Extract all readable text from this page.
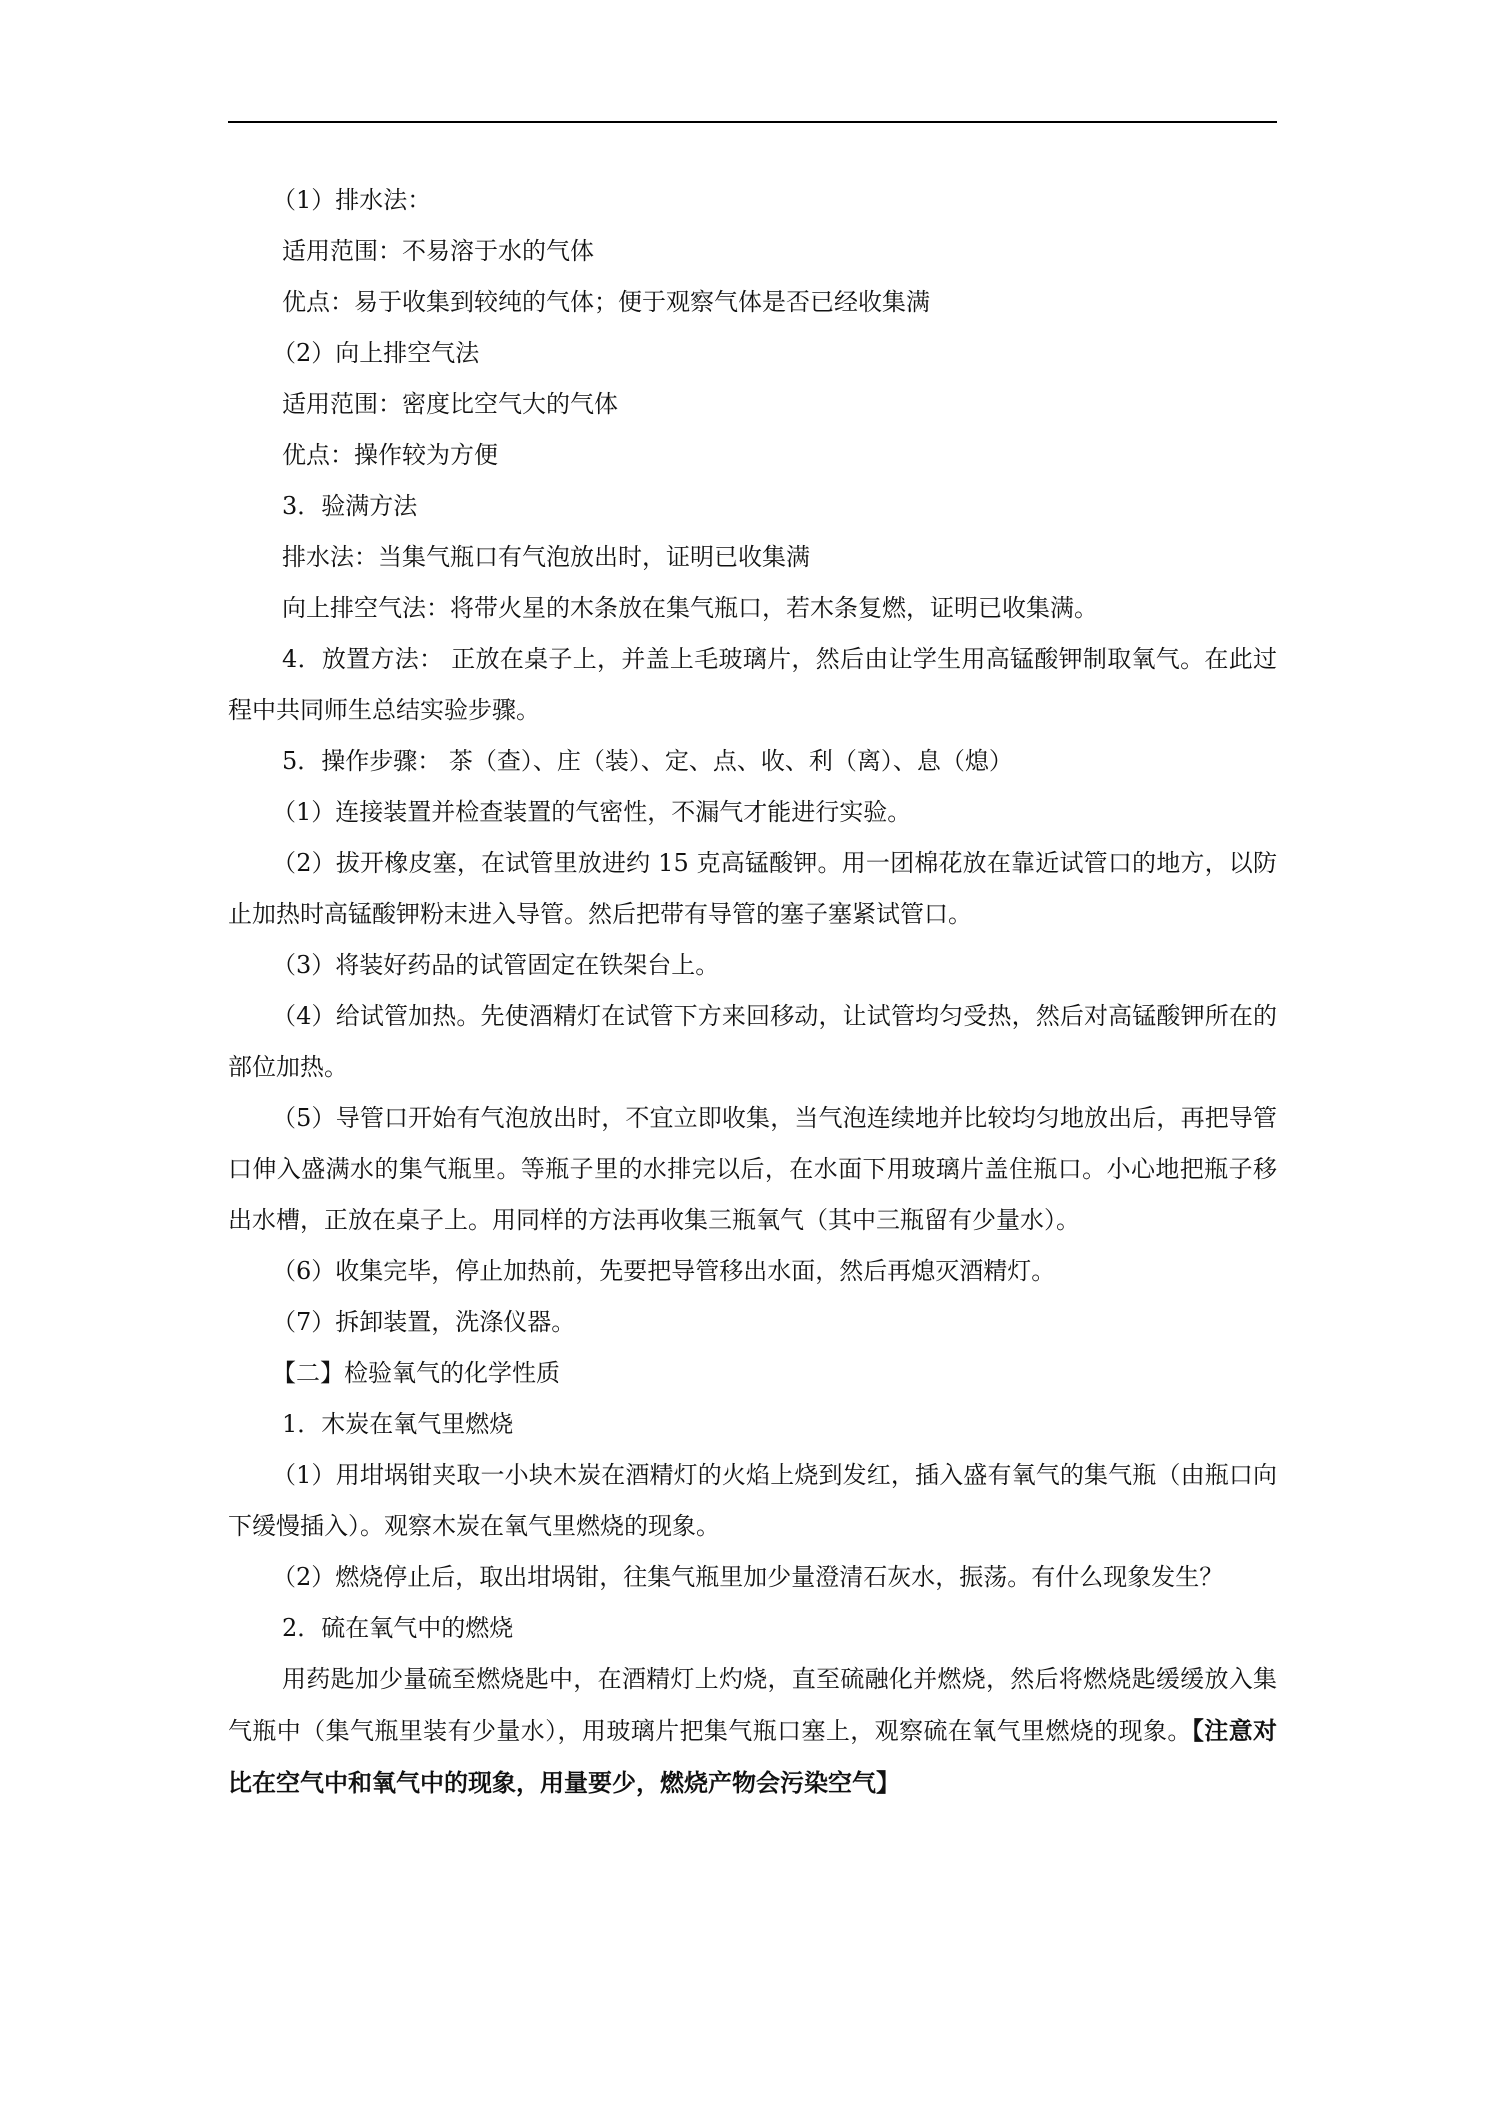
（1）排水法：

适用范围：不易溶于水的气体

优点：易于收集到较纯的气体；便于观察气体是否已经收集满

（2）向上排空气法

适用范围：密度比空气大的气体

优点：操作较为方便

3．验满方法

排水法：当集气瓶口有气泡放出时，证明已收集满

向上排空气法：将带火星的木条放在集气瓶口，若木条复燃，证明已收集满。

4．放置方法： 正放在桌子上，并盖上毛玻璃片，然后由让学生用高锰酸钾制取氧气。在此过程中共同师生总结实验步骤。

5．操作步骤： 茶（查）、庄（装）、定、点、收、利（离）、息（熄）

（1）连接装置并检查装置的气密性，不漏气才能进行实验。

（2）拔开橡皮塞，在试管里放进约 15 克高锰酸钾。用一团棉花放在靠近试管口的地方，以防止加热时高锰酸钾粉末进入导管。然后把带有导管的塞子塞紧试管口。

（3）将装好药品的试管固定在铁架台上。

（4）给试管加热。先使酒精灯在试管下方来回移动，让试管均匀受热，然后对高锰酸钾所在的部位加热。

（5）导管口开始有气泡放出时，不宜立即收集，当气泡连续地并比较均匀地放出后，再把导管口伸入盛满水的集气瓶里。等瓶子里的水排完以后，在水面下用玻璃片盖住瓶口。小心地把瓶子移出水槽，正放在桌子上。用同样的方法再收集三瓶氧气（其中三瓶留有少量水）。

（6）收集完毕，停止加热前，先要把导管移出水面，然后再熄灭酒精灯。

（7）拆卸装置，洗涤仪器。

【二】检验氧气的化学性质

1．木炭在氧气里燃烧

（1）用坩埚钳夹取一小块木炭在酒精灯的火焰上烧到发红，插入盛有氧气的集气瓶（由瓶口向下缓慢插入）。观察木炭在氧气里燃烧的现象。

（2）燃烧停止后，取出坩埚钳，往集气瓶里加少量澄清石灰水，振荡。有什么现象发生？

2．硫在氧气中的燃烧

用药匙加少量硫至燃烧匙中，在酒精灯上灼烧，直至硫融化并燃烧，然后将燃烧匙缓缓放入集气瓶中（集气瓶里装有少量水），用玻璃片把集气瓶口塞上，观察硫在氧气里燃烧的现象。【注意对比在空气中和氧气中的现象，用量要少，燃烧产物会污染空气】
